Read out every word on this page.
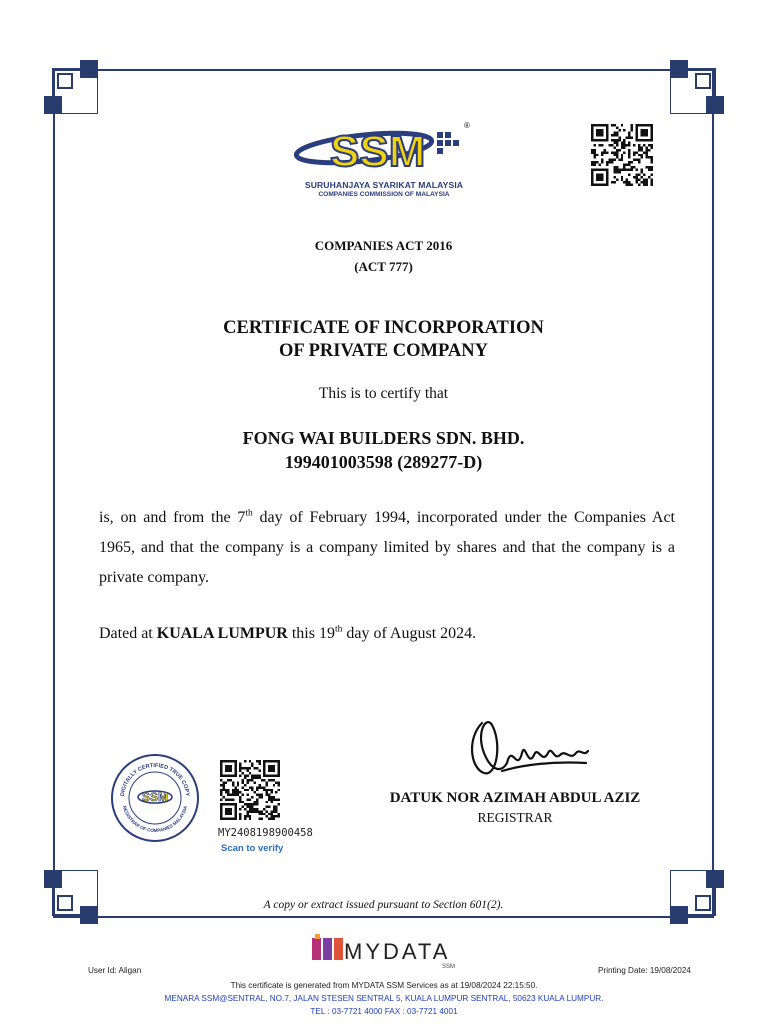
SSM
®
SURUHANJAYA SYARIKAT MALAYSIA
COMPANIES COMMISSION OF MALAYSIA
COMPANIES ACT 2016
(ACT 777)
CERTIFICATE OF INCORPORATION
OF PRIVATE COMPANY
This is to certify that
FONG WAI BUILDERS SDN. BHD.
199401003598 (289277-D)
is, on and from the 7th day of February 1994, incorporated under the Companies Act 1965, and that the company is a company limited by shares and that the company is a private company.
Dated at KUALA LUMPUR this 19th day of August 2024.
DIGITALLY CERTIFIED TRUE COPY
REGISTRAR OF COMPANIES MALAYSIA
SSM
MY2408198900458
Scan to verify
DATUK NOR AZIMAH ABDUL AZIZ
REGISTRAR
A copy or extract issued pursuant to Section 601(2).
MYDATA
SSM
User Id: Aligan	Printing Date: 19/08/2024
This certificate is generated from MYDATA SSM Services as at 19/08/2024 22:15:50.
MENARA SSM@SENTRAL, NO.7, JALAN STESEN SENTRAL 5, KUALA LUMPUR SENTRAL, 50623 KUALA LUMPUR.
TEL : 03-7721 4000 FAX : 03-7721 4001
